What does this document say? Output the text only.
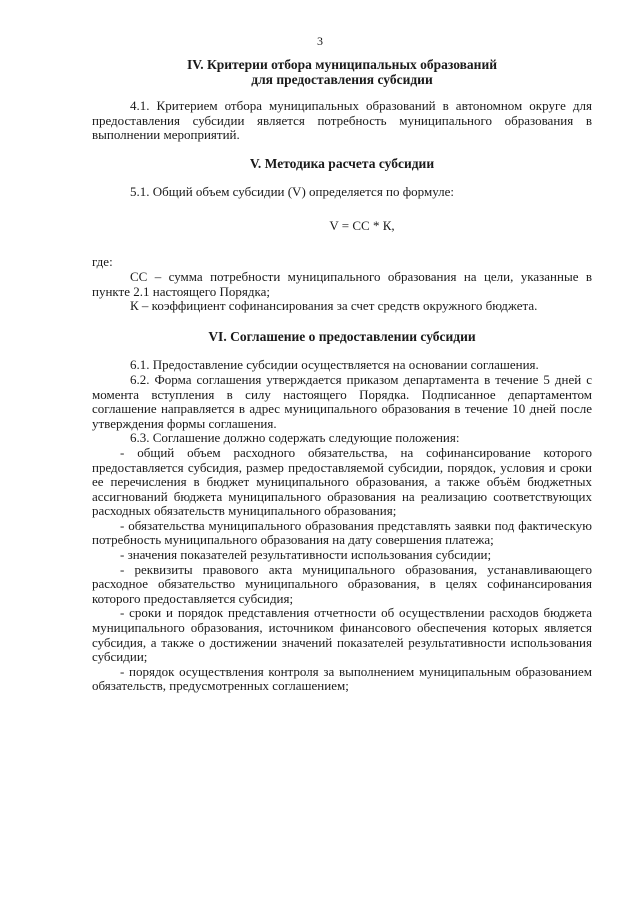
3
IV. Критерии отбора муниципальных образований
для предоставления субсидии

4.1. Критерием отбора муниципальных образований в автономном округе для предоставления субсидии является потребность муниципального образования в выполнении мероприятий.

V. Методика расчета субсидии

5.1. Общий объем субсидии (V) определяется по формуле:

V = СС * К,

где:

СС – сумма потребности муниципального образования на цели, указанные в пункте 2.1 настоящего Порядка;

К – коэффициент софинансирования за счет средств окружного бюджета.

VI. Соглашение о предоставлении субсидии

6.1. Предоставление субсидии осуществляется на основании соглашения.

6.2. Форма соглашения утверждается приказом департамента в течение 5 дней с момента вступления в силу настоящего Порядка. Подписанное департаментом соглашение направляется в адрес муниципального образования в течение 10 дней после утверждения формы соглашения.

6.3. Соглашение должно содержать следующие положения:

- общий объем расходного обязательства, на софинансирование которого предоставляется субсидия, размер предоставляемой субсидии, порядок, условия и сроки ее перечисления в бюджет муниципального образования, а также объём бюджетных ассигнований бюджета муниципального образования на реализацию соответствующих расходных обязательств муниципального образования;

- обязательства муниципального образования представлять заявки под фактическую потребность муниципального образования на дату совершения платежа;

- значения показателей результативности использования субсидии;

- реквизиты правового акта муниципального образования, устанавливающего расходное обязательство муниципального образования, в целях софинансирования которого предоставляется субсидия;

- сроки и порядок представления отчетности об осуществлении расходов бюджета муниципального образования, источником финансового обеспечения которых является субсидия, а также о достижении значений показателей результативности использования субсидии;

- порядок осуществления контроля за выполнением муниципальным образованием обязательств, предусмотренных соглашением;
